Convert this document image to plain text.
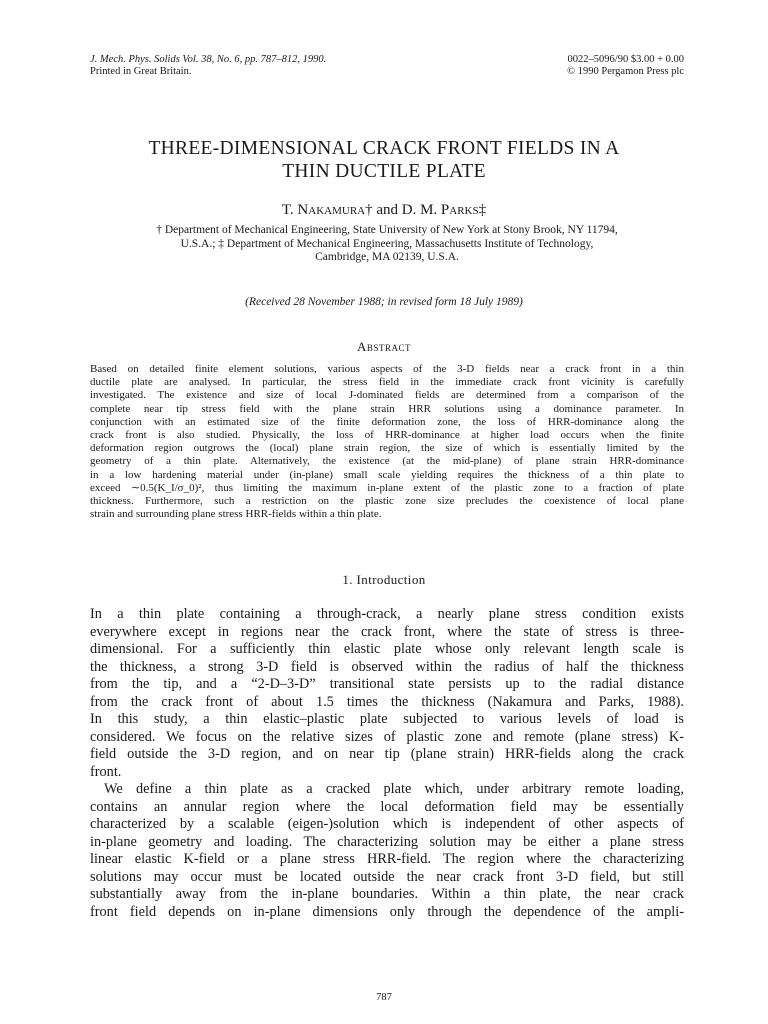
J. Mech. Phys. Solids Vol. 38, No. 6, pp. 787–812, 1990.
Printed in Great Britain.
0022–5096/90 $3.00 + 0.00
© 1990 Pergamon Press plc
THREE-DIMENSIONAL CRACK FRONT FIELDS IN A
THIN DUCTILE PLATE
T. Nakamura† and D. M. Parks‡
† Department of Mechanical Engineering, State University of New York at Stony Brook, NY 11794,
U.S.A.; ‡ Department of Mechanical Engineering, Massachusetts Institute of Technology,
Cambridge, MA 02139, U.S.A.
(Received 28 November 1988; in revised form 18 July 1989)
Abstract
Based on detailed finite element solutions, various aspects of the 3-D fields near a crack front in a thin
ductile plate are analysed. In particular, the stress field in the immediate crack front vicinity is carefully
investigated. The existence and size of local J-dominated fields are determined from a comparison of the
complete near tip stress field with the plane strain HRR solutions using a dominance parameter. In
conjunction with an estimated size of the finite deformation zone, the loss of HRR-dominance along the
crack front is also studied. Physically, the loss of HRR-dominance at higher load occurs when the finite
deformation region outgrows the (local) plane strain region, the size of which is essentially limited by the
geometry of a thin plate. Alternatively, the existence (at the mid-plane) of plane strain HRR-dominance
in a low hardening material under (in-plane) small scale yielding requires the thickness of a thin plate to
exceed ∼0.5(K_I/σ_0)², thus limiting the maximum in-plane extent of the plastic zone to a fraction of plate
thickness. Furthermore, such a restriction on the plastic zone size precludes the coexistence of local plane
strain and surrounding plane stress HRR-fields within a thin plate.
1. Introduction
In a thin plate containing a through-crack, a nearly plane stress condition exists
everywhere except in regions near the crack front, where the state of stress is three-
dimensional. For a sufficiently thin elastic plate whose only relevant length scale is
the thickness, a strong 3-D field is observed within the radius of half the thickness
from the tip, and a “2-D–3-D” transitional state persists up to the radial distance
from the crack front of about 1.5 times the thickness (Nakamura and Parks, 1988).
In this study, a thin elastic–plastic plate subjected to various levels of load is
considered. We focus on the relative sizes of plastic zone and remote (plane stress) K-
field outside the 3-D region, and on near tip (plane strain) HRR-fields along the crack
front.
We define a thin plate as a cracked plate which, under arbitrary remote loading,
contains an annular region where the local deformation field may be essentially
characterized by a scalable (eigen-)solution which is independent of other aspects of
in-plane geometry and loading. The characterizing solution may be either a plane stress
linear elastic K-field or a plane stress HRR-field. The region where the characterizing
solutions may occur must be located outside the near crack front 3-D field, but still
substantially away from the in-plane boundaries. Within a thin plate, the near crack
front field depends on in-plane dimensions only through the dependence of the ampli-
787
